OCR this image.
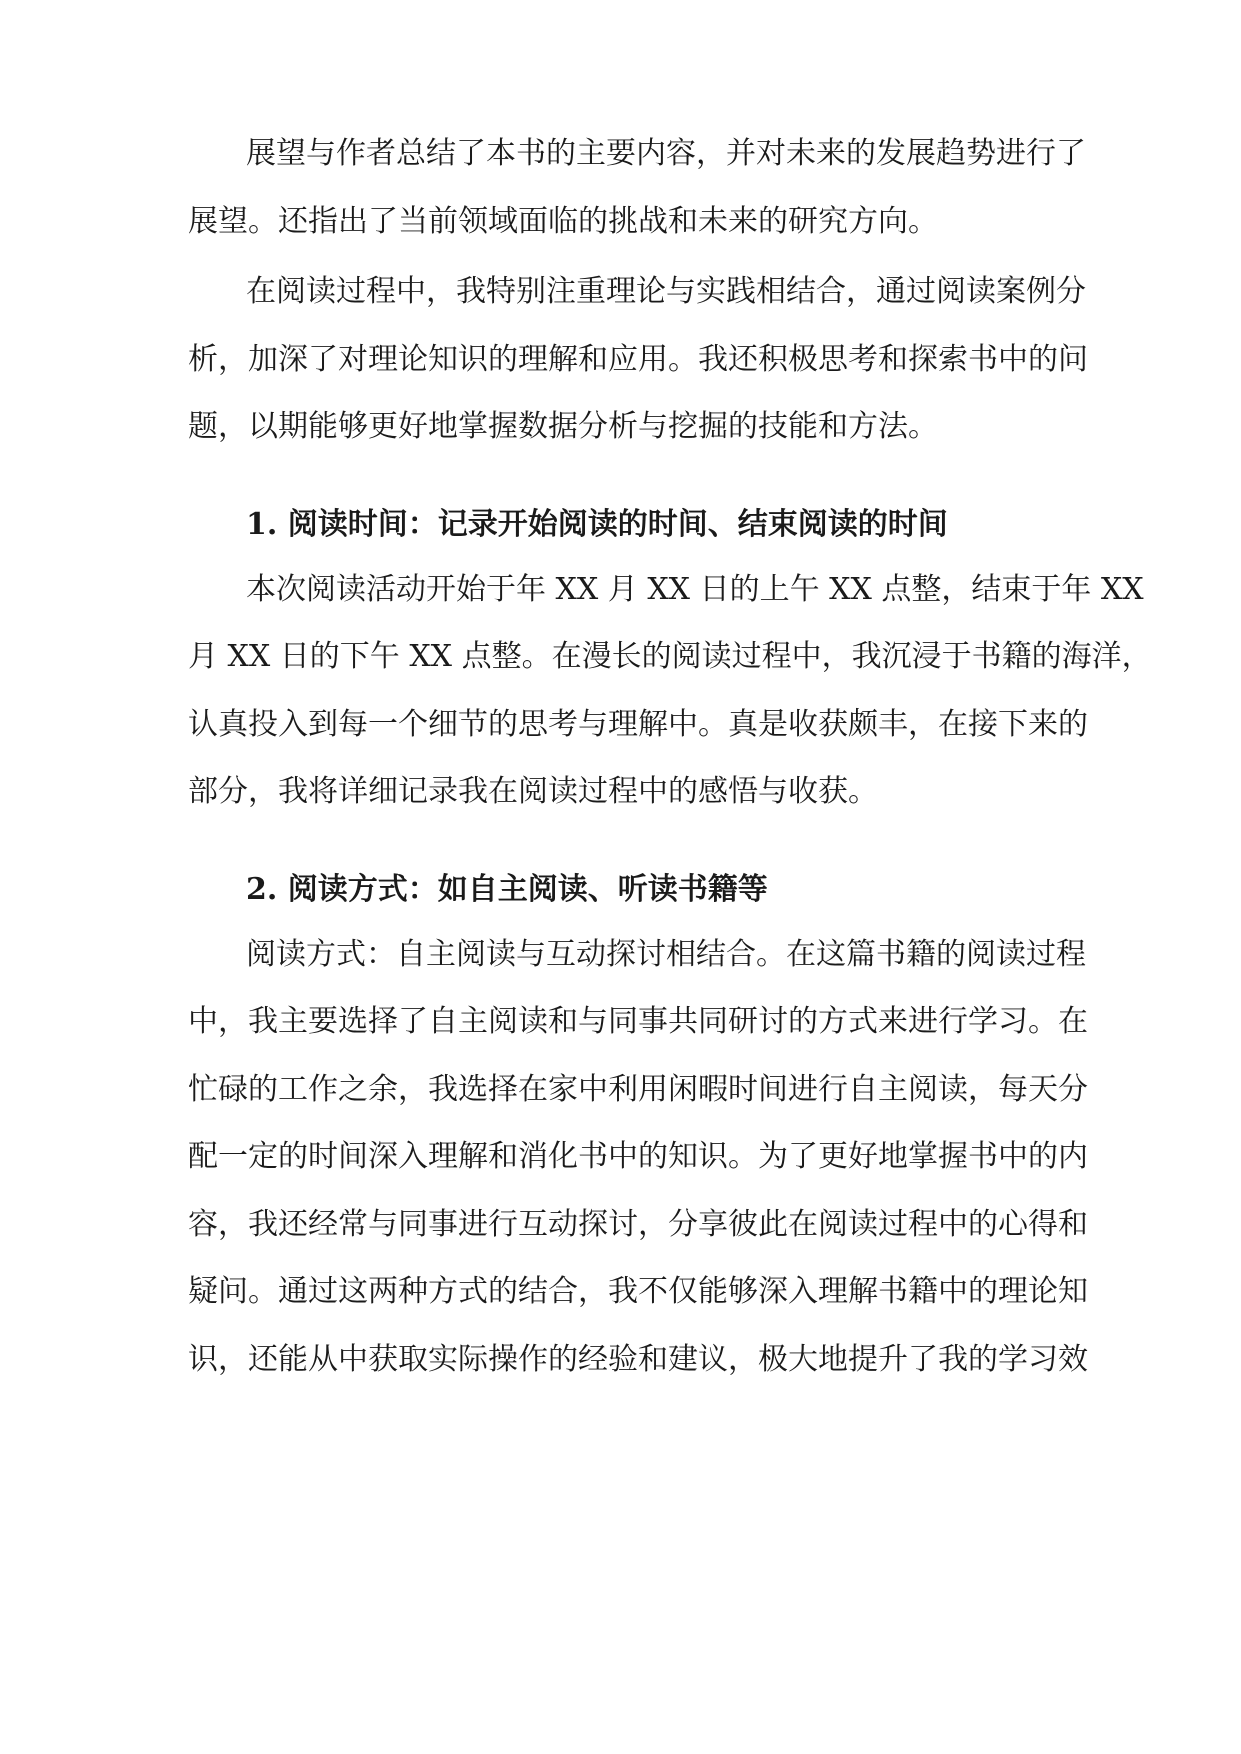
展望与作者总结了本书的主要内容，并对未来的发展趋势进行了
展望。还指出了当前领域面临的挑战和未来的研究方向。
在阅读过程中，我特别注重理论与实践相结合，通过阅读案例分
析，加深了对理论知识的理解和应用。我还积极思考和探索书中的问
题，以期能够更好地掌握数据分析与挖掘的技能和方法。
1. 阅读时间：记录开始阅读的时间、结束阅读的时间
本次阅读活动开始于年 XX 月 XX 日的上午 XX 点整，结束于年 XX
月 XX 日的下午 XX 点整。在漫长的阅读过程中，我沉浸于书籍的海洋，
认真投入到每一个细节的思考与理解中。真是收获颇丰，在接下来的
部分，我将详细记录我在阅读过程中的感悟与收获。
2. 阅读方式：如自主阅读、听读书籍等
阅读方式：自主阅读与互动探讨相结合。在这篇书籍的阅读过程
中，我主要选择了自主阅读和与同事共同研讨的方式来进行学习。在
忙碌的工作之余，我选择在家中利用闲暇时间进行自主阅读，每天分
配一定的时间深入理解和消化书中的知识。为了更好地掌握书中的内
容，我还经常与同事进行互动探讨，分享彼此在阅读过程中的心得和
疑问。通过这两种方式的结合，我不仅能够深入理解书籍中的理论知
识，还能从中获取实际操作的经验和建议，极大地提升了我的学习效
